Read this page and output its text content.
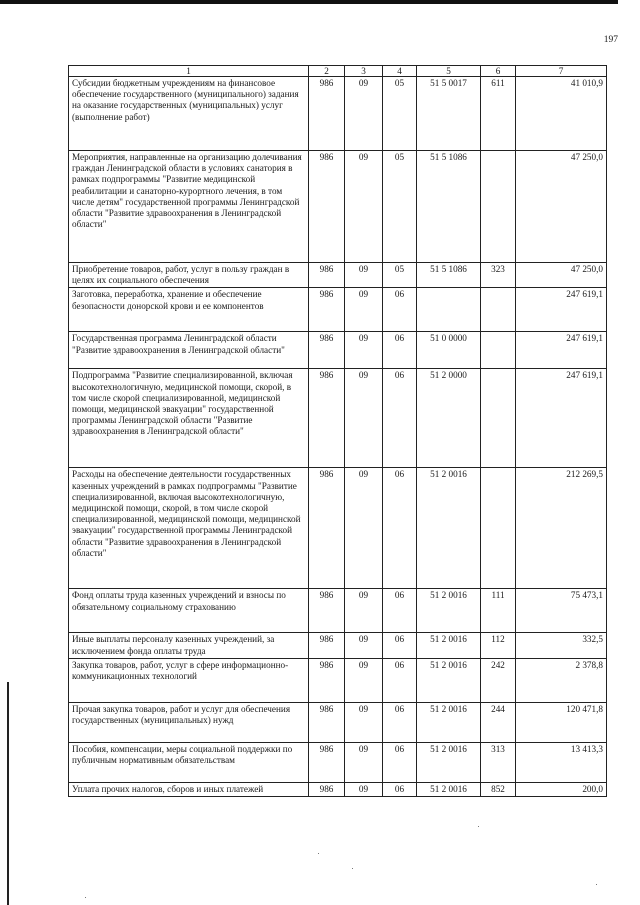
197
1	2	3	4	5	6	7
Субсидии бюджетным учреждениям на финансовое обеспечение государственного (муниципального) задания на оказание государственных (муниципальных) услуг (выполнение работ)	986	09	05	51 5 0017	611	41 010,9
Мероприятия, направленные на организацию долечивания граждан Ленинградской области в условиях санатория в рамках подпрограммы "Развитие медицинской реабилитации и санаторно-курортного лечения, в том числе детям" государственной программы Ленинградской области "Развитие здравоохранения в Ленинградской области"	986	09	05	51 5 1086		47 250,0
Приобретение товаров, работ, услуг в пользу граждан в целях их социального обеспечения	986	09	05	51 5 1086	323	47 250,0
Заготовка, переработка, хранение и обеспечение безопасности донорской крови и ее компонентов	986	09	06			247 619,1
Государственная программа Ленинградской области "Развитие здравоохранения в Ленинградской области"	986	09	06	51 0 0000		247 619,1
Подпрограмма "Развитие специализированной, включая высокотехнологичную, медицинской помощи, скорой, в том числе скорой специализированной, медицинской помощи, медицинской эвакуации" государственной программы Ленинградской области "Развитие здравоохранения в Ленинградской области"	986	09	06	51 2 0000		247 619,1
Расходы на обеспечение деятельности государственных казенных учреждений в рамках подпрограммы "Развитие специализированной, включая высокотехнологичную, медицинской помощи, скорой, в том числе скорой специализированной, медицинской помощи, медицинской эвакуации" государственной программы Ленинградской области "Развитие здравоохранения в Ленинградской области"	986	09	06	51 2 0016		212 269,5
Фонд оплаты труда казенных учреждений и взносы по обязательному социальному страхованию	986	09	06	51 2 0016	111	75 473,1
Иные выплаты персоналу казенных учреждений, за исключением фонда оплаты труда	986	09	06	51 2 0016	112	332,5
Закупка товаров, работ, услуг в сфере информационно-коммуникационных технологий	986	09	06	51 2 0016	242	2 378,8
Прочая закупка товаров, работ и услуг для обеспечения государственных (муниципальных) нужд	986	09	06	51 2 0016	244	120 471,8
Пособия, компенсации, меры социальной поддержки по публичным нормативным обязательствам	986	09	06	51 2 0016	313	13 413,3
Уплата прочих налогов, сборов и иных платежей	986	09	06	51 2 0016	852	200,0
